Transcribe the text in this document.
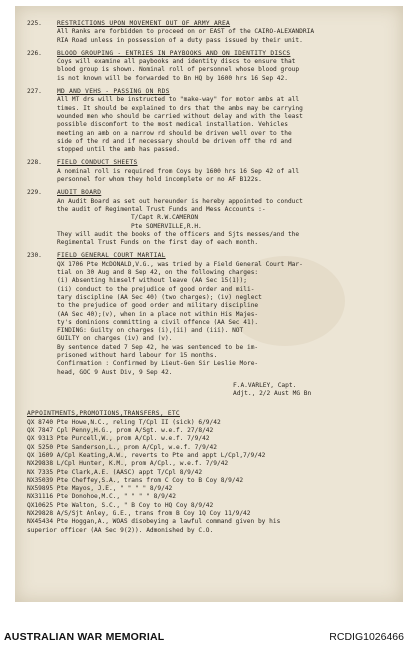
225.	RESTRICTIONS UPON MOVEMENT OUT OF ARMY AREA
All Ranks are forbidden to proceed on or EAST of the CAIRO-ALEXANDRIA
RIA Road unless in possession of a duty pass issued by their unit.
226.	BLOOD GROUPING - ENTRIES IN PAYBOOKS AND ON IDENTITY DISCS
Coys will examine all paybooks and identity discs to ensure that
blood group is shown. Nominal roll of personnel whose blood group
is not known will be forwarded to Bn HQ by 1600 hrs 16 Sep 42.
227.	MD AND VEHS - PASSING ON RDS
All MT drs will be instructed to "make-way" for motor ambs at all
times. It should be explained to drs that the ambs may be carrying
wounded men who should be carried without delay and with the least
possible discomfort to the most medical installation. Vehicles
meeting an amb on a narrow rd should be driven well over to the
side of the rd and if necessary should be driven off the rd and
stopped until the amb has passed.
228.	FIELD CONDUCT SHEETS
A nominal roll is required from Coys by 1600 hrs 16 Sep 42 of all
personnel for whom they hold incomplete or no AF B122s.
229.	AUDIT BOARD
An Audit Board as set out hereunder is hereby appointed to conduct
the audit of Regimental Trust Funds and Mess Accounts :-
T/Capt R.W.CAMERON
Pte SOMERVILLE,R.H.
They will audit the books of the officers and Sjts messes/and the
Regimental Trust Funds on the first day of each month.
230.	FIELD GENERAL COURT MARTIAL
QX 1706 Pte McDONALD,V.G., was tried by a Field General Court Mar-
tial on 30 Aug and 8 Sep 42, on the following charges:
(i) Absenting himself without leave (AA Sec 15(1));
(ii) conduct to the prejudice of good order and mili-
tary discipline (AA Sec 40) (two charges); (iv) neglect
to the prejudice of good order and military discipline
(AA Sec 40);(v), when in a place not within His Majes-
ty's dominions committing a civil offence (AA Sec 41).
FINDING: Guilty on charges (i),(ii) and (iii). NOT
GUILTY on charges (iv) and (v).
By sentence dated 7 Sep 42, he was sentenced to be im-
prisoned without hard labour for 15 months.
Confirmation : Confirmed by Lieut-Gen Sir Leslie More-
head, GOC 9 Aust Div, 9 Sep 42.
F.A.VARLEY, Capt.
Adjt., 2/2 Aust MG Bn
APPOINTMENTS,PROMOTIONS,TRANSFERS, ETC
QX 8740 Pte Howe,N.C., reling T/Cpl II (sick) 6/9/42
QX 7847 Cpl Penny,H.G., prom A/Sgt. w.e.f. 27/8/42
QX 9313 Pte Purcell,W., prom A/Cpl. w.e.f. 7/9/42
QX 5250 Pte Sanderson,L., prom A/Cpl, w.e.f. 7/9/42
QX 1609 A/Cpl Keating,A.W., reverts to Pte and appt L/Cpl,7/9/42
NX29838 L/Cpl Hunter, K.M., prom A/Cpl., w.e.f. 7/9/42
NX 7335 Pte Clark,A.E. (AASC) appt T/Cpl 8/9/42
NX35039 Pte Cheffey,S.A., trans from C Coy to B Coy 8/9/42
NX59895 Pte Mayos, J.E., " " " " 8/9/42
NX31116 Pte Donohoe,M.C., " " " " 8/9/42
QX10625 Pte Walton, S.C., " B Coy to HQ Coy 8/9/42
NX29828 A/S/Sjt Anley, G.E., trans from B Coy 1Q Coy 11/9/42
NX45434 Pte Hoggan,A., WOAS disobeying a lawful command given by his
superior officer (AA Sec 9(2)). Admonished by C.O.
AUSTRALIAN WAR MEMORIAL	RCDIG1026466
